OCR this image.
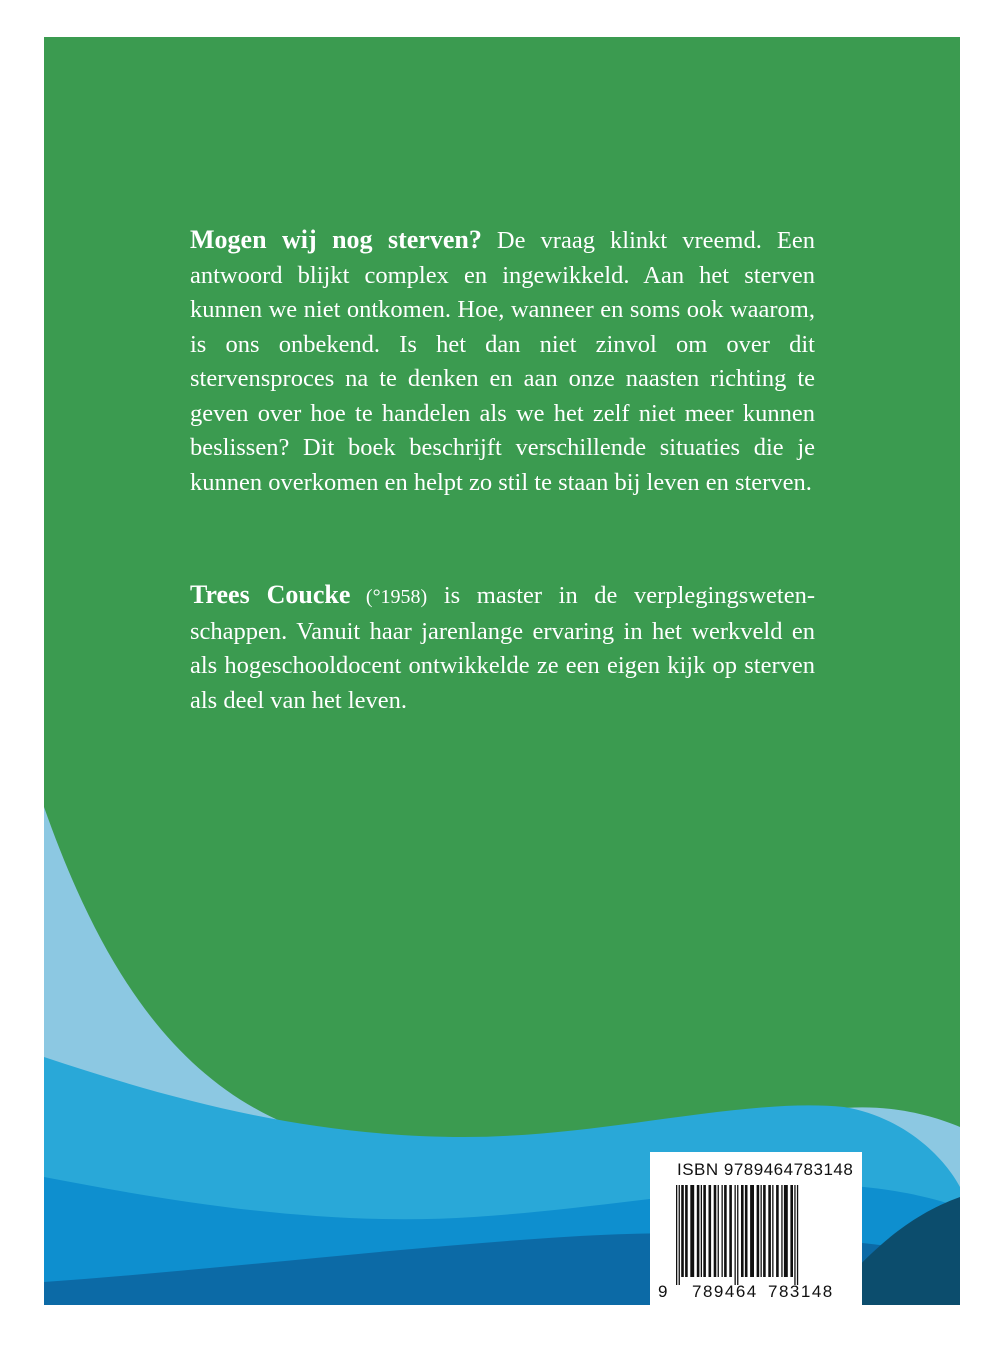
Mogen wij nog sterven? De vraag klinkt vreemd. Een antwoord blijkt complex en ingewikkeld. Aan het sterven kunnen we niet ontkomen. Hoe, wanneer en soms ook waarom, is ons onbekend. Is het dan niet zinvol om over dit stervensproces na te denken en aan onze naasten richting te geven over hoe te handelen als we het zelf niet meer kunnen beslissen? Dit boek beschrijft verschillende situaties die je kunnen overkomen en helpt zo stil te staan bij leven en sterven.
Trees Coucke (°1958) is master in de verplegingswetenschappen. Vanuit haar jarenlange ervaring in het werkveld en als hogeschooldocent ontwikkelde ze een eigen kijk op sterven als deel van het leven.
ISBN 9789464783148
9 789464 783148
